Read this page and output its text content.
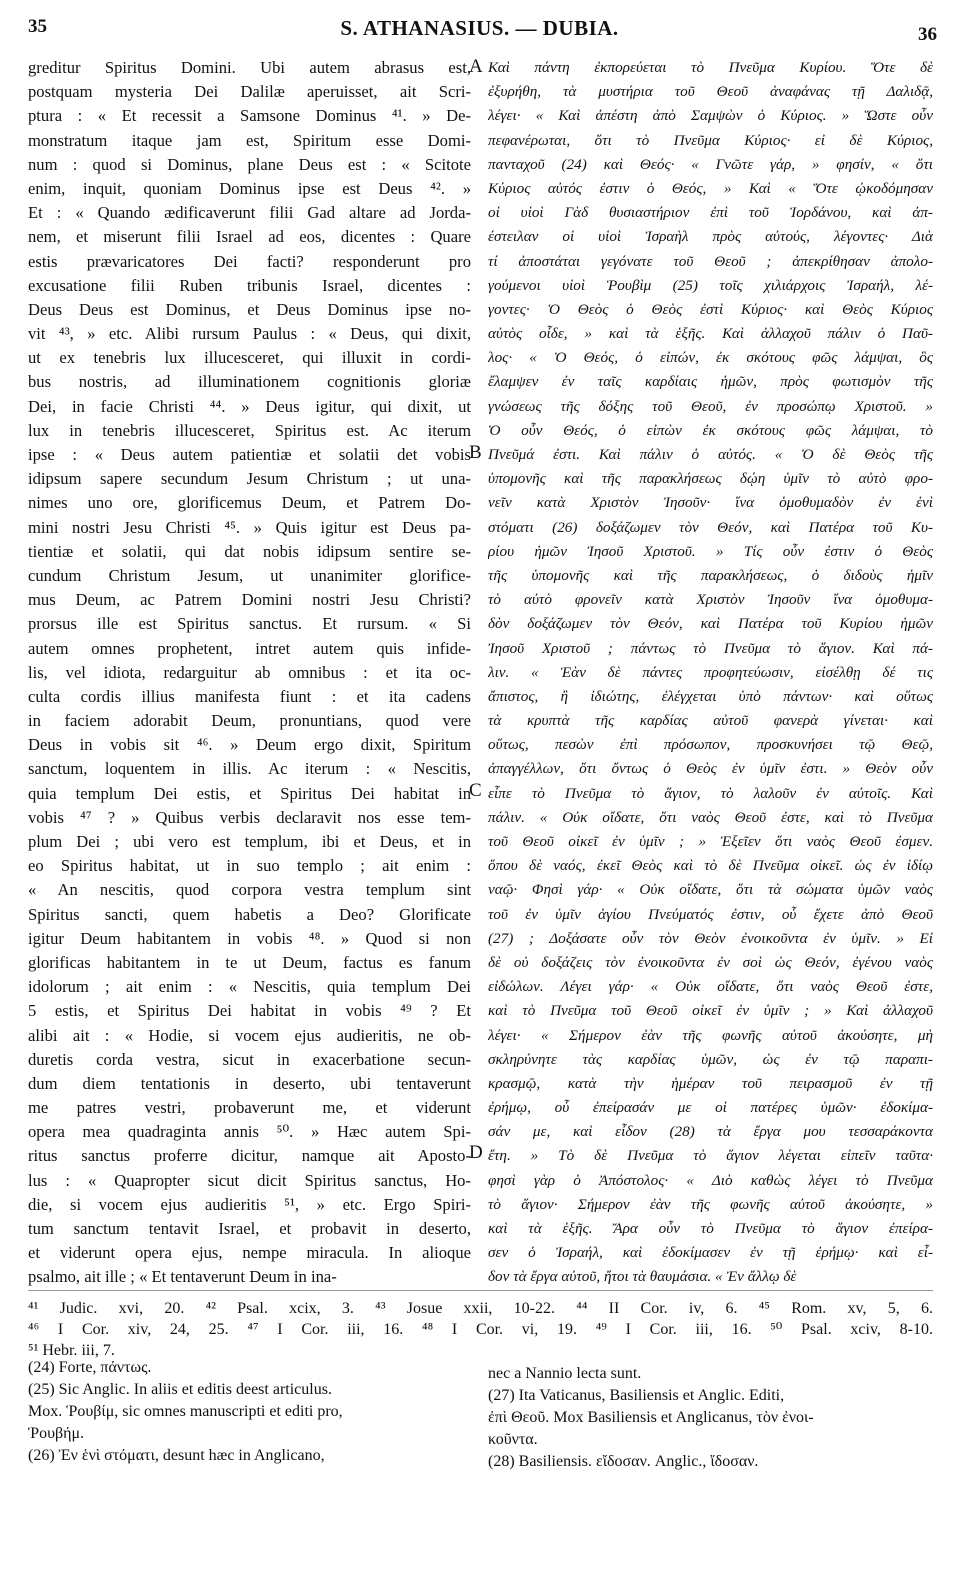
35	S. ATHANASIUS. — DUBIA.	36
greditur Spiritus Domini. Ubi autem abrasus est,
postquam mysteria Dei Dalilæ aperuisset, ait Scri-
ptura : « Et recessit a Samsone Dominus ⁴¹. » De-
monstratum itaque jam est, Spiritum esse Domi-
num : quod si Dominus, plane Deus est : « Scitote
enim, inquit, quoniam Dominus ipse est Deus ⁴². »
Et : « Quando ædificaverunt filii Gad altare ad Jorda-
nem, et miserunt filii Israel ad eos, dicentes : Quare
estis prævaricatores Dei facti? responderunt pro
excusatione filii Ruben tribunis Israel, dicentes :
Deus Deus est Dominus, et Deus Dominus ipse no-
vit ⁴³, » etc. Alibi rursum Paulus : « Deus, qui dixit,
ut ex tenebris lux illucesceret, qui illuxit in cordi-
bus nostris, ad illuminationem cognitionis gloriæ
Dei, in facie Christi ⁴⁴. » Deus igitur, qui dixit, ut
lux in tenebris illucesceret, Spiritus est. Ac iterum
ipse : « Deus autem patientiæ et solatii det vobis
idipsum sapere secundum Jesum Christum ; ut una-
nimes uno ore, glorificemus Deum, et Patrem Do-
mini nostri Jesu Christi ⁴⁵. » Quis igitur est Deus pa-
tientiæ et solatii, qui dat nobis idipsum sentire se-
cundum Christum Jesum, ut unanimiter glorifice-
mus Deum, ac Patrem Domini nostri Jesu Christi?
prorsus ille est Spiritus sanctus. Et rursum. « Si
autem omnes prophetent, intret autem quis infide-
lis, vel idiota, redarguitur ab omnibus : et ita oc-
culta cordis illius manifesta fiunt : et ita cadens
in faciem adorabit Deum, pronuntians, quod vere
Deus in vobis sit ⁴⁶. » Deum ergo dixit, Spiritum
sanctum, loquentem in illis. Ac iterum : « Nescitis,
quia templum Dei estis, et Spiritus Dei habitat in
vobis ⁴⁷ ? » Quibus verbis declaravit nos esse tem-
plum Dei ; ubi vero est templum, ibi et Deus, et in
eo Spiritus habitat, ut in suo templo ; ait enim :
« An nescitis, quod corpora vestra templum sint
Spiritus sancti, quem habetis a Deo? Glorificate
igitur Deum habitantem in vobis ⁴⁸. » Quod si non
glorificas habitantem in te ut Deum, factus es fanum
idolorum ; ait enim : « Nescitis, quia templum Dei
5 estis, et Spiritus Dei habitat in vobis ⁴⁹ ? Et
alibi ait : « Hodie, si vocem ejus audieritis, ne ob-
duretis corda vestra, sicut in exacerbatione secun-
dum diem tentationis in deserto, ubi tentaverunt
me patres vestri, probaverunt me, et viderunt
opera mea quadraginta annis ⁵⁰. » Hæc autem Spi-
ritus sanctus proferre dicitur, namque ait Aposto-
lus : « Quapropter sicut dicit Spiritus sanctus, Ho-
die, si vocem ejus audieritis ⁵¹, » etc. Ergo Spiri-
tum sanctum tentavit Israel, et probavit in deserto,
et viderunt opera ejus, nempe miracula. In alioque
psalmo, ait ille ; « Et tentaverunt Deum in ina-
Καὶ πάντη ἐκπορεύεται τὸ Πνεῦμα Κυρίου. Ὅτε δὲ
ἐξυρήθη, τὰ μυστήρια τοῦ Θεοῦ ἀναφάνας τῇ Δαλιδᾷ,
λέγει· « Καὶ ἀπέστη ἀπὸ Σαμψὼν ὁ Κύριος. » Ὥστε οὖν
πεφανέρωται, ὅτι τὸ Πνεῦμα Κύριος· εἰ δὲ Κύριος,
πανταχοῦ (24) καὶ Θεός· « Γνῶτε γάρ, » φησίν, « ὅτι
Κύριος αὐτός ἐστιν ὁ Θεός, » Καὶ « Ὅτε ᾠκοδόμησαν
οἱ υἱοὶ Γὰδ θυσιαστήριον ἐπὶ τοῦ Ἰορδάνου, καὶ ἀπ-
έστειλαν οἱ υἱοὶ Ἰσραὴλ πρὸς αὐτούς, λέγοντες· Διὰ
τί ἀποστάται γεγόνατε τοῦ Θεοῦ ; ἀπεκρίθησαν ἀπολο-
γούμενοι υἱοὶ Ῥουβὶμ (25) τοῖς χιλιάρχοις Ἰσραήλ, λέ-
γοντες· Ὁ Θεὸς ὁ Θεὸς ἐστὶ Κύριος· καὶ Θεὸς Κύριος
αὐτὸς οἶδε, » καὶ τὰ ἑξῆς. Καὶ ἀλλαχοῦ πάλιν ὁ Παῦ-
λος· « Ὁ Θεός, ὁ εἰπών, ἐκ σκότους φῶς λάμψαι, ὃς
ἔλαμψεν ἐν ταῖς καρδίαις ἡμῶν, πρὸς φωτισμὸν τῆς
γνώσεως τῆς δόξης τοῦ Θεοῦ, ἐν προσώπῳ Χριστοῦ. »
Ὁ οὖν Θεός, ὁ εἰπὼν ἐκ σκότους φῶς λάμψαι, τὸ
Πνεῦμά ἐστι. Καὶ πάλιν ὁ αὐτός. « Ὁ δὲ Θεὸς τῆς
ὑπομονῆς καὶ τῆς παρακλήσεως δῴη ὑμῖν τὸ αὐτὸ φρο-
νεῖν κατὰ Χριστὸν Ἰησοῦν· ἵνα ὁμοθυμαδὸν ἐν ἑνὶ
στόματι (26) δοξάζωμεν τὸν Θεόν, καὶ Πατέρα τοῦ Κυ-
ρίου ἡμῶν Ἰησοῦ Χριστοῦ. » Τίς οὖν ἐστιν ὁ Θεὸς
τῆς ὑπομονῆς καὶ τῆς παρακλήσεως, ὁ διδοὺς ἡμῖν
τὸ αὐτὸ φρονεῖν κατὰ Χριστὸν Ἰησοῦν ἵνα ὁμοθυμα-
δὸν δοξάζωμεν τὸν Θεόν, καὶ Πατέρα τοῦ Κυρίου ἡμῶν
Ἰησοῦ Χριστοῦ ; πάντως τὸ Πνεῦμα τὸ ἅγιον. Καὶ πά-
λιν. « Ἐὰν δὲ πάντες προφητεύωσιν, εἰσέλθῃ δέ τις
ἄπιστος, ἢ ἰδιώτης, ἐλέγχεται ὑπὸ πάντων· καὶ οὕτως
τὰ κρυπτὰ τῆς καρδίας αὐτοῦ φανερὰ γίνεται· καὶ
οὕτως, πεσὼν ἐπὶ πρόσωπον, προσκυνήσει τῷ Θεῷ,
ἀπαγγέλλων, ὅτι ὄντως ὁ Θεὸς ἐν ὑμῖν ἐστι. » Θεὸν οὖν
εἶπε τὸ Πνεῦμα τὸ ἅγιον, τὸ λαλοῦν ἐν αὐτοῖς. Καὶ
πάλιν. « Οὐκ οἴδατε, ὅτι ναὸς Θεοῦ ἐστε, καὶ τὸ Πνεῦμα
τοῦ Θεοῦ οἰκεῖ ἐν ὑμῖν ; » Ἐξεῖεν ὅτι ναὸς Θεοῦ ἐσμεν.
ὅπου δὲ ναός, ἐκεῖ Θεὸς καὶ τὸ δὲ Πνεῦμα οἰκεῖ. ὡς ἐν ἰδίῳ
ναῷ· Φησὶ γάρ· « Οὐκ οἴδατε, ὅτι τὰ σώματα ὑμῶν ναὸς
τοῦ ἐν ὑμῖν ἁγίου Πνεύματός ἐστιν, οὗ ἔχετε ἀπὸ Θεοῦ
(27) ; Δοξάσατε οὖν τὸν Θεὸν ἐνοικοῦντα ἐν ὑμῖν. » Εἰ
δὲ οὐ δοξάζεις τὸν ἐνοικοῦντα ἐν σοὶ ὡς Θεόν, ἐγένου ναὸς
εἰδώλων. Λέγει γάρ· « Οὐκ οἴδατε, ὅτι ναὸς Θεοῦ ἐστε,
καὶ τὸ Πνεῦμα τοῦ Θεοῦ οἰκεῖ ἐν ὑμῖν ; » Καὶ ἀλλαχοῦ
λέγει· « Σήμερον ἐὰν τῆς φωνῆς αὐτοῦ ἀκούσητε, μὴ
σκληρύνητε τὰς καρδίας ὑμῶν, ὡς ἐν τῷ παραπι-
κρασμῷ, κατὰ τὴν ἡμέραν τοῦ πειρασμοῦ ἐν τῇ
ἐρήμῳ, οὗ ἐπείρασάν με οἱ πατέρες ὑμῶν· ἐδοκίμα-
σάν με, καὶ εἶδον (28) τὰ ἔργα μου τεσσαράκοντα
ἔτη. » Τὸ δὲ Πνεῦμα τὸ ἅγιον λέγεται εἰπεῖν ταῦτα·
φησὶ γὰρ ὁ Ἀπόστολος· « Διὸ καθὼς λέγει τὸ Πνεῦμα
τὸ ἅγιον· Σήμερον ἐὰν τῆς φωνῆς αὐτοῦ ἀκούσητε, »
καὶ τὰ ἑξῆς. Ἄρα οὖν τὸ Πνεῦμα τὸ ἅγιον ἐπείρα-
σεν ὁ Ἰσραήλ, καὶ ἐδοκίμασεν ἐν τῇ ἐρήμῳ· καὶ εἶ-
δον τὰ ἔργα αὐτοῦ, ἤτοι τὰ θαυμάσια. « Ἐν ἄλλῳ δὲ
A
B
C
D
⁴¹ Judic. xvi, 20. ⁴² Psal. xcix, 3. ⁴³ Josue xxii, 10-22. ⁴⁴ II Cor. iv, 6. ⁴⁵ Rom. xv, 5, 6.
⁴⁶ I Cor. xiv, 24, 25. ⁴⁷ I Cor. iii, 16. ⁴⁸ I Cor. vi, 19. ⁴⁹ I Cor. iii, 16. ⁵⁰ Psal. xciv, 8-10.
⁵¹ Hebr. iii, 7.
(24) Forte, πάντως.
(25) Sic Anglic. In aliis et editis deest articulus.
Mox. Ῥουβίμ, sic omnes manuscripti et editi pro,
Ῥουβήμ.
(26) Ἐν ἑνὶ στόματι, desunt hæc in Anglicano,
nec a Nannio lecta sunt.
(27) Ita Vaticanus, Basiliensis et Anglic. Editi,
ἐπὶ Θεοῦ. Mox Basiliensis et Anglicanus, τὸν ἐνοι-
κοῦντα.
(28) Basiliensis. εἴδοσαν. Anglic., ἴδοσαν.
